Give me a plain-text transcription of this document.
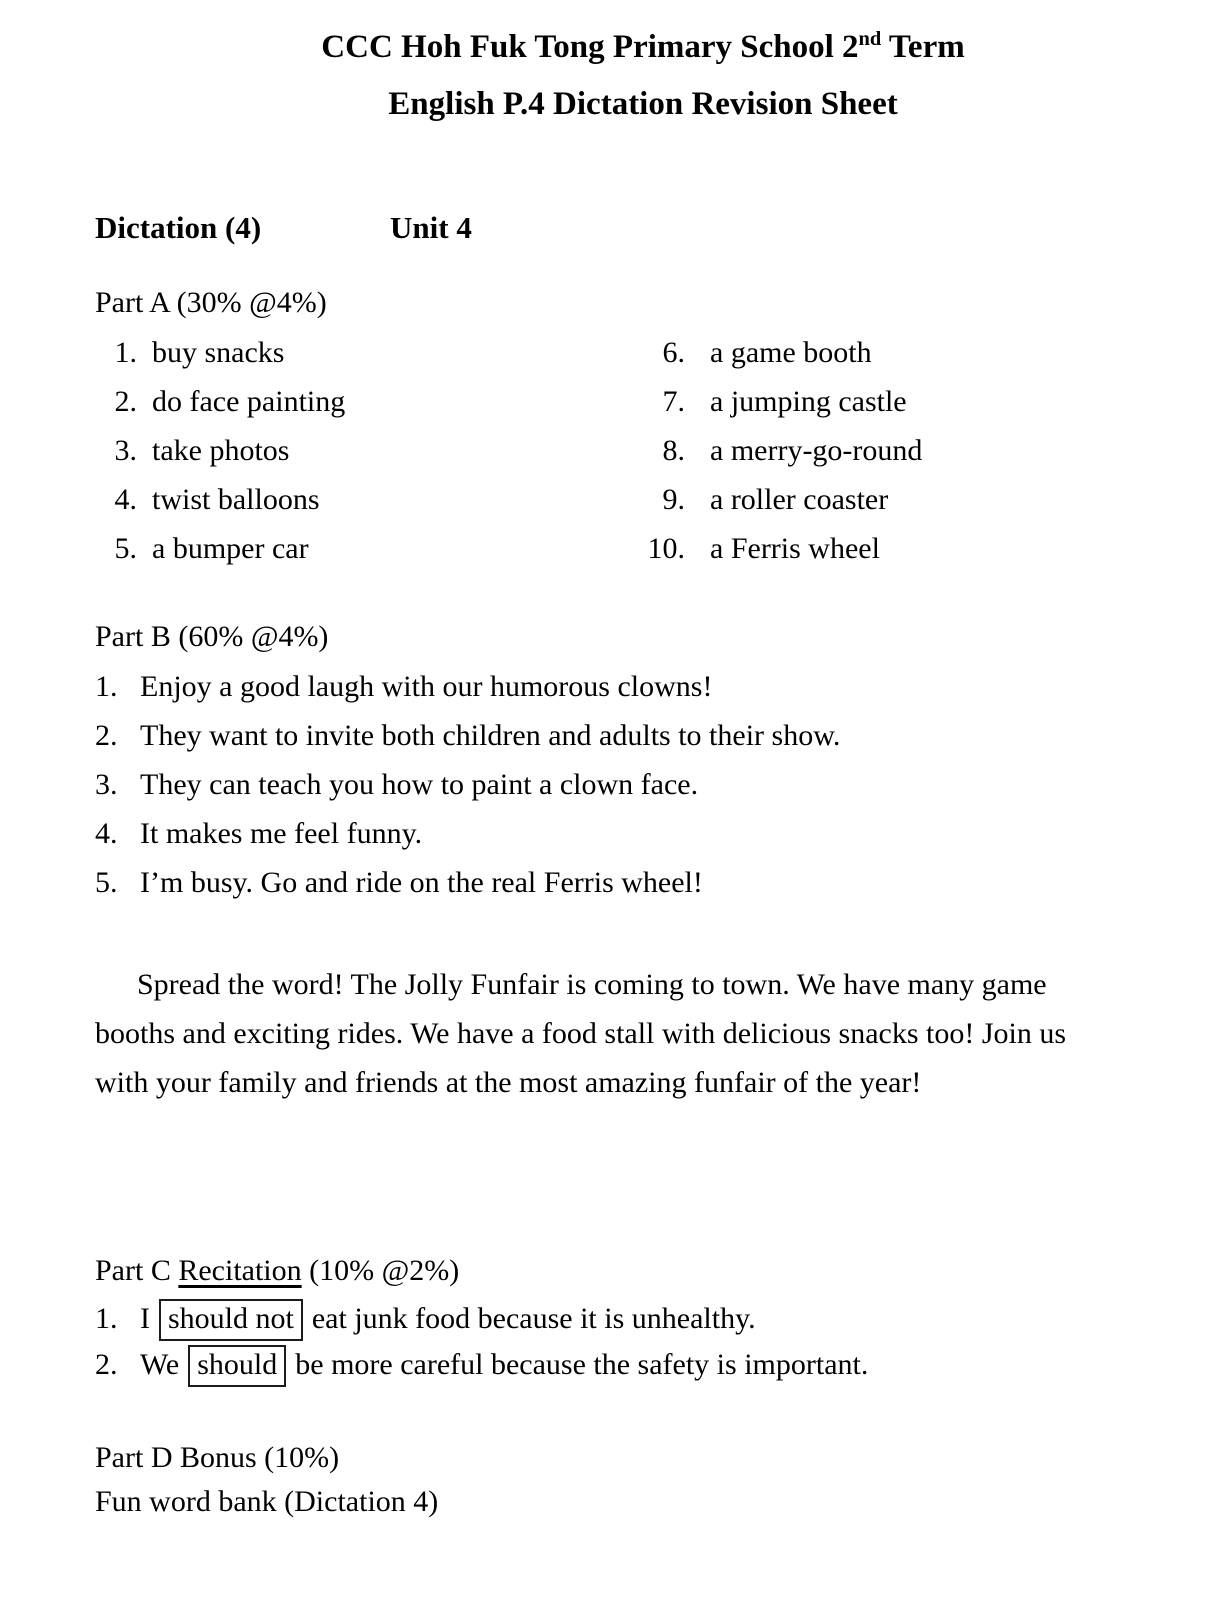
CCC Hoh Fuk Tong Primary School 2nd Term
English P.4 Dictation Revision Sheet
Dictation (4)	Unit 4
Part A (30% @4%)
1. buy snacks
2. do face painting
3. take photos
4. twist balloons
5. a bumper car
6. a game booth
7. a jumping castle
8. a merry-go-round
9. a roller coaster
10. a Ferris wheel
Part B (60% @4%)
1. Enjoy a good laugh with our humorous clowns!
2. They want to invite both children and adults to their show.
3. They can teach you how to paint a clown face.
4. It makes me feel funny.
5. I’m busy. Go and ride on the real Ferris wheel!
Spread the word! The Jolly Funfair is coming to town. We have many game booths and exciting rides. We have a food stall with delicious snacks too! Join us with your family and friends at the most amazing funfair of the year!
Part C Recitation (10% @2%)
1. I should not eat junk food because it is unhealthy.
2. We should be more careful because the safety is important.
Part D Bonus (10%)
Fun word bank (Dictation 4)
